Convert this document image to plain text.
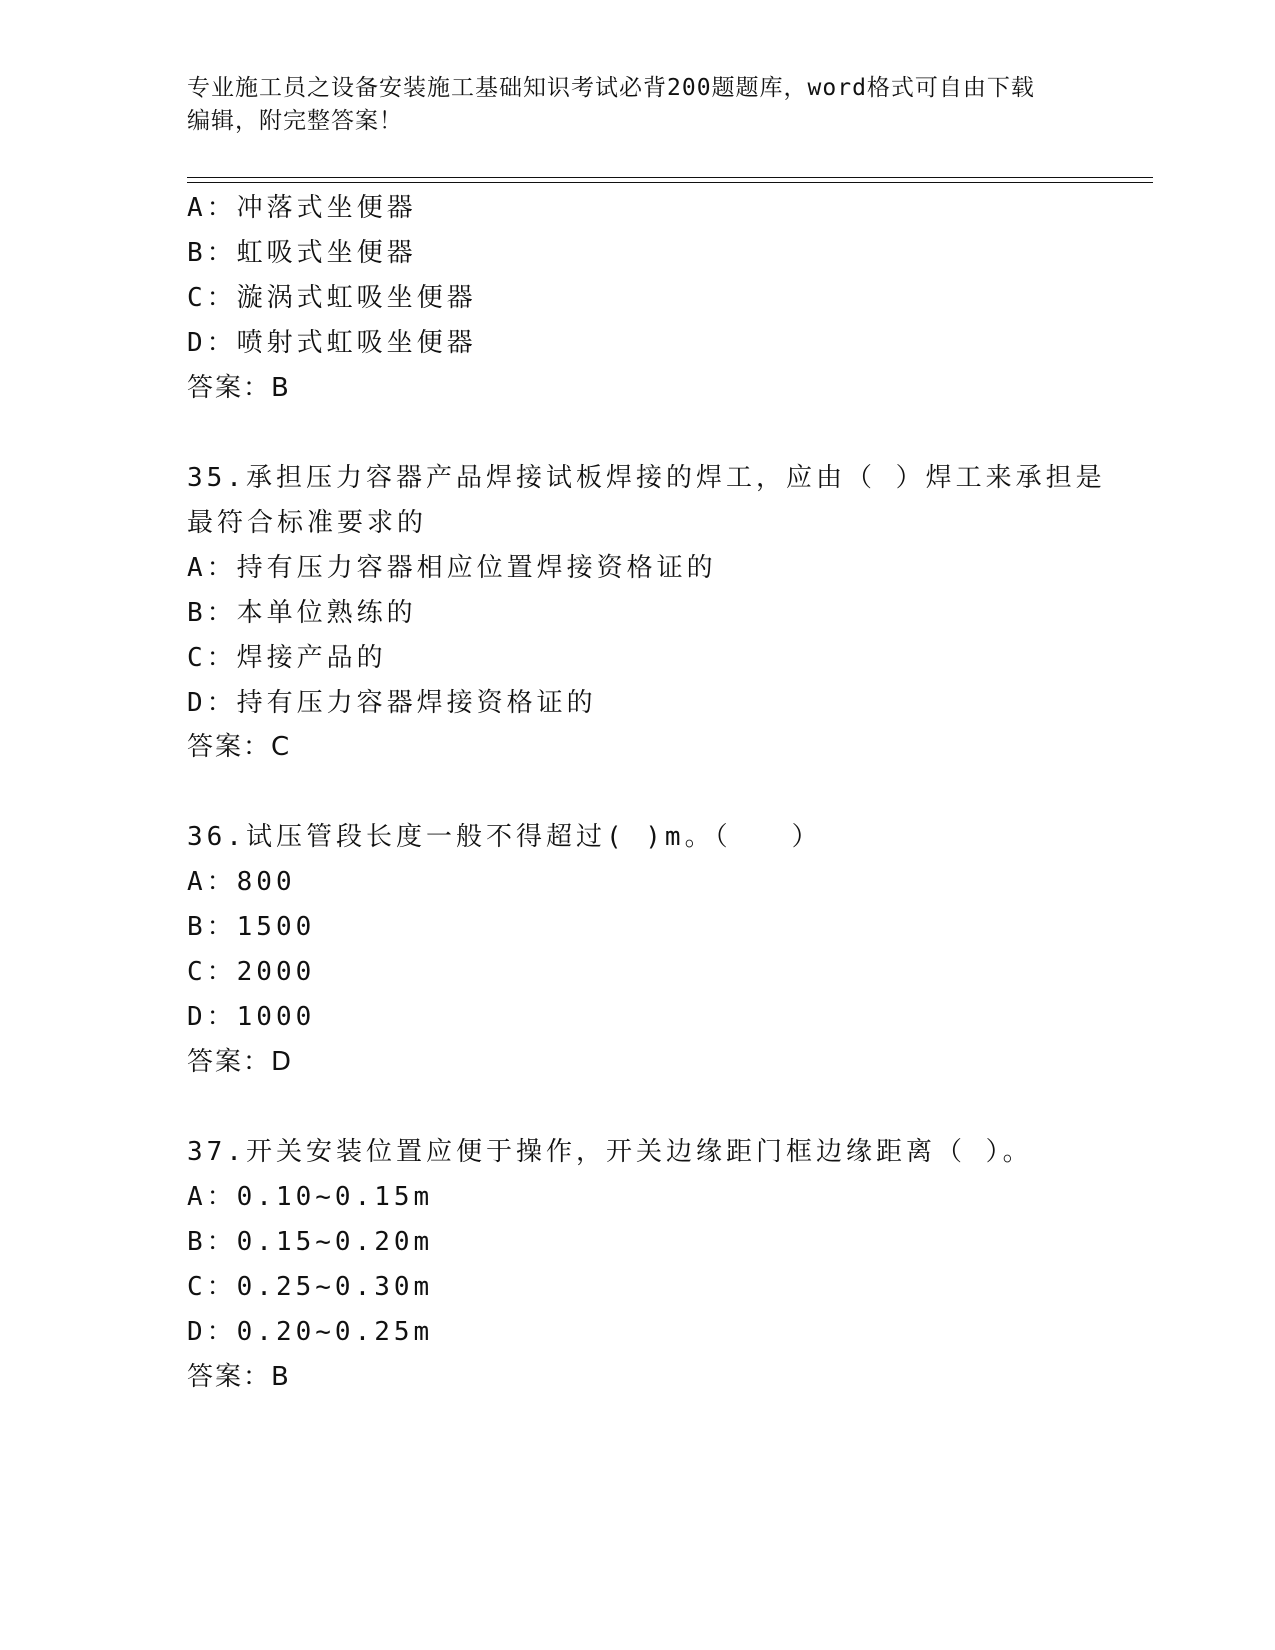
专业施工员之设备安装施工基础知识考试必背200题题库，word格式可自由下载
编辑，附完整答案！
A：冲落式坐便器
B：虹吸式坐便器
C：漩涡式虹吸坐便器
D：喷射式虹吸坐便器
答案：B
35.承担压力容器产品焊接试板焊接的焊工，应由（ ）焊工来承担是
最符合标准要求的
A：持有压力容器相应位置焊接资格证的
B：本单位熟练的
C：焊接产品的
D：持有压力容器焊接资格证的
答案：C
36.试压管段长度一般不得超过( )m。（　　）
A：800
B：1500
C：2000
D：1000
答案：D
37.开关安装位置应便于操作，开关边缘距门框边缘距离（ ）。
A：0.10~0.15m
B：0.15~0.20m
C：0.25~0.30m
D：0.20~0.25m
答案：B
